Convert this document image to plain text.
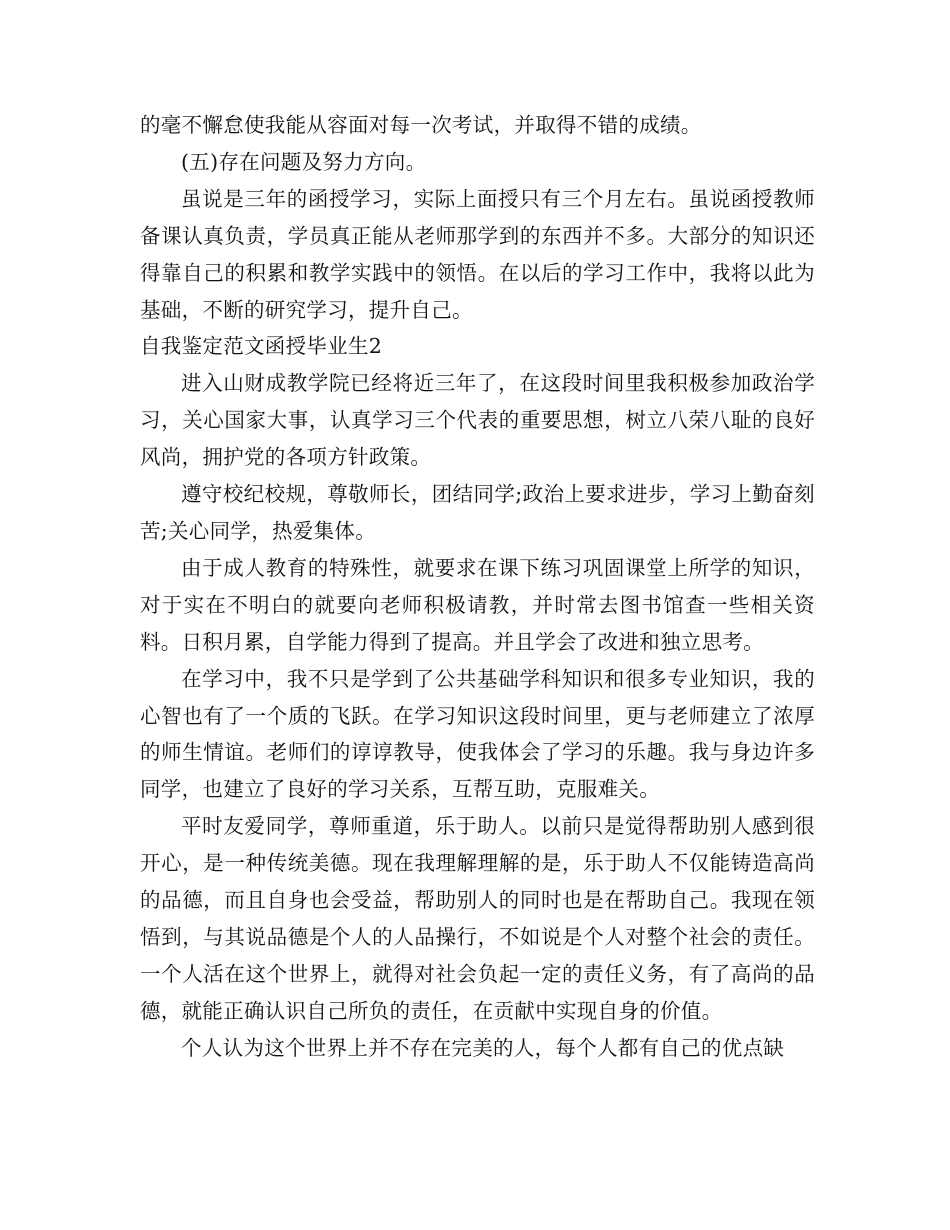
的毫不懈怠使我能从容面对每一次考试，并取得不错的成绩。

(五)存在问题及努力方向。

虽说是三年的函授学习，实际上面授只有三个月左右。虽说函授教师备课认真负责，学员真正能从老师那学到的东西并不多。大部分的知识还得靠自己的积累和教学实践中的领悟。在以后的学习工作中，我将以此为基础，不断的研究学习，提升自己。

自我鉴定范文函授毕业生2

进入山财成教学院已经将近三年了，在这段时间里我积极参加政治学习，关心国家大事，认真学习三个代表的重要思想，树立八荣八耻的良好风尚，拥护党的各项方针政策。

遵守校纪校规，尊敬师长，团结同学;政治上要求进步，学习上勤奋刻苦;关心同学，热爱集体。

由于成人教育的特殊性，就要求在课下练习巩固课堂上所学的知识，对于实在不明白的就要向老师积极请教，并时常去图书馆查一些相关资料。日积月累，自学能力得到了提高。并且学会了改进和独立思考。

在学习中，我不只是学到了公共基础学科知识和很多专业知识，我的心智也有了一个质的飞跃。在学习知识这段时间里，更与老师建立了浓厚的师生情谊。老师们的谆谆教导，使我体会了学习的乐趣。我与身边许多同学，也建立了良好的学习关系，互帮互助，克服难关。

平时友爱同学，尊师重道，乐于助人。以前只是觉得帮助别人感到很开心，是一种传统美德。现在我理解理解的是，乐于助人不仅能铸造高尚的品德，而且自身也会受益，帮助别人的同时也是在帮助自己。我现在领悟到，与其说品德是个人的人品操行，不如说是个人对整个社会的责任。一个人活在这个世界上，就得对社会负起一定的责任义务，有了高尚的品德，就能正确认识自己所负的责任，在贡献中实现自身的价值。

个人认为这个世界上并不存在完美的人，每个人都有自己的优点缺
